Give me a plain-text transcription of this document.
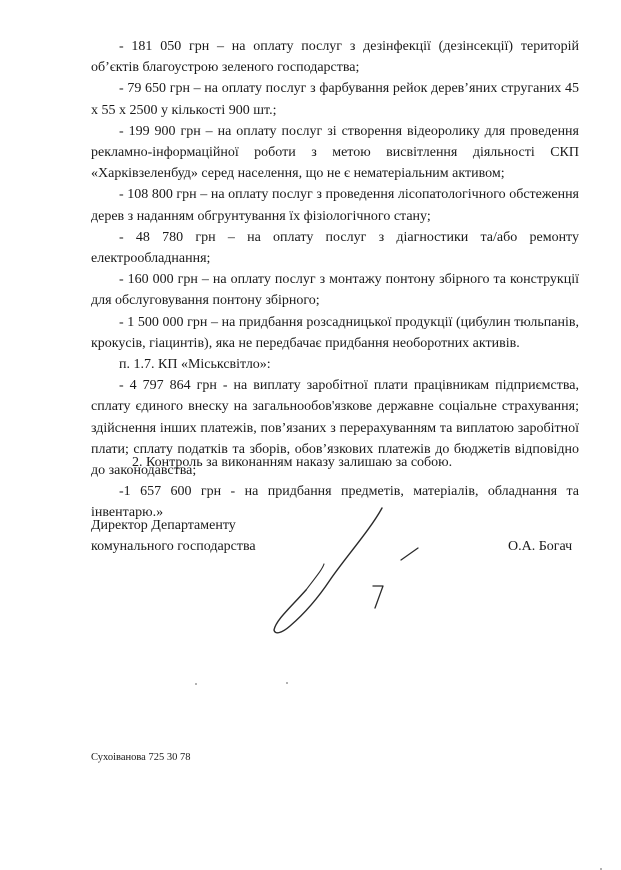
- 181 050 грн – на оплату послуг з дезінфекції (дезінсекції) територій об’єктів благоустрою зеленого господарства;

- 79 650 грн – на оплату послуг з фарбування рейок дерев’яних струганих 45 х 55 х 2500 у кількості 900 шт.;

- 199 900 грн – на оплату послуг зі створення відеоролику для проведення рекламно-інформаційної роботи з метою висвітлення діяльності СКП «Харківзеленбуд» серед населення, що не є нематеріальним активом;

- 108 800 грн – на оплату послуг з проведення лісопатологічного обстеження дерев з наданням обгрунтування їх фізіологічного стану;

- 48 780 грн – на оплату послуг з діагностики та/або ремонту електрообладнання;

- 160 000 грн – на оплату послуг з монтажу понтону збірного та конструкції для обслуговування понтону збірного;

- 1 500 000 грн – на придбання розсадницької продукції (цибулин тюльпанів, крокусів, гіацинтів), яка не передбачає придбання необоротних активів.

п. 1.7. КП «Міськсвітло»:

- 4 797 864 грн - на виплату заробітної плати працівникам підприємства, сплату єдиного внеску на загальнообов'язкове державне соціальне страхування; здійснення інших платежів, пов’язаних з перерахуванням та виплатою заробітної плати; сплату податків та зборів, обов’язкових платежів до бюджетів відповідно до законодавства;

-1 657 600 грн - на придбання предметів, матеріалів, обладнання та інвентарю.»

2. Контроль за виконанням наказу залишаю за собою.
Директор Департаменту
комунального господарства	О.А. Богач
Сухоіванова 725 30 78
